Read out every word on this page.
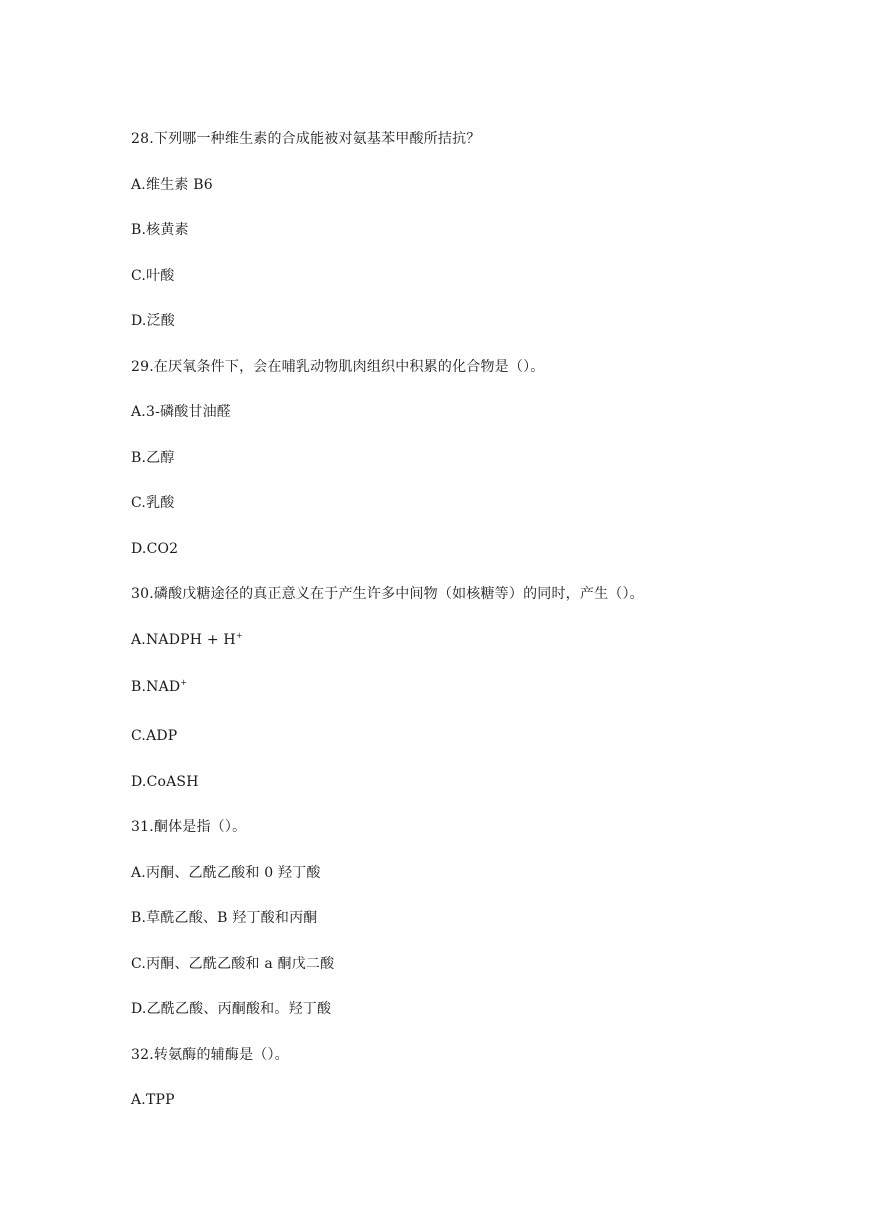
28.下列哪一种维生素的合成能被对氨基苯甲酸所拮抗？
A.维生素 B6
B.核黄素
C.叶酸
D.泛酸
29.在厌氧条件下，会在哺乳动物肌肉组织中积累的化合物是（）。
A.3-磷酸甘油醛
B.乙醇
C.乳酸
D.CO2
30.磷酸戊糖途径的真正意义在于产生许多中间物（如核糖等）的同时，产生（）。
A.NADPH + H+
B.NAD+
C.ADP
D.CoASH
31.酮体是指（）。
A.丙酮、乙酰乙酸和 0 羟丁酸
B.草酰乙酸、B 羟丁酸和丙酮
C.丙酮、乙酰乙酸和 a 酮戊二酸
D.乙酰乙酸、丙酮酸和。羟丁酸
32.转氨酶的辅酶是（）。
A.TPP
